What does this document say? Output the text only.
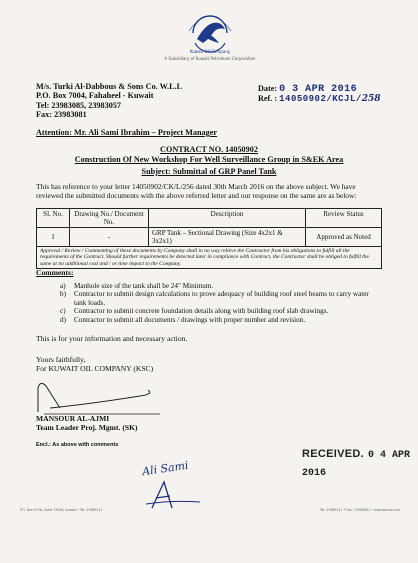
Kuwait Oil Company
A Subsidiary of Kuwait Petroleum Corporation
M/s. Turki Al-Dabbous & Sons Co. W.L.L
P.O. Box 7004, Fahaheel - Kuwait
Tel: 23983085, 23983057
Fax: 23983081
Date: 0 3 APR 2016
Ref. : 14050902/KCJL/258
Attention: Mr. Ali Sami Ibrahim – Project Manager
CONTRACT NO. 14050902
Construction Of New Workshop For Well Surveillance Group in S&EK Area
Subject: Submittal of GRP Panel Tank
This has reference to your letter 14050902/CK/L/256 dated 30th March 2016 on the above subject. We have reviewed the submitted documents with the above referred letter and our response on the same are as below:
Sl. No.	Drawing No./ Document No.	Description	Review Status
1	-	GRP Tank – Sectional Drawing (Size 4x2x1 & 3x2x1)	Approved as Noted
Approval / Review / Commenting of these documents by Company shall in no way relieve the Contractor from his obligations to fulfill all the requirements of the Contract. Should further requirements be detected later in compliance with Contract, the Contractor shall be obliged to fulfill the same at no additional cost and / or time impact to the Company.			
Comments:
a)	Manhole size of the tank shall be 24" Minimum.
b)	Contractor to submit design calculations to prove adequacy of building roof steel beams to carry water tank loads.
c)	Contractor to submit concrete foundation details along with building roof slab drawings.
d)	Contractor to submit all documents / drawings with proper number and revision.
This is for your information and necessary action.
Yours faithfully,
For KUWAIT OIL COMPANY (KSC)
MANSOUR AL-AJMI
Team Leader Proj. Mgmt. (SK)
Encl.: As above with comments
RECEIVED. 0 4 APR 2016
Ali Sami
P.O. Box 9758, Safat 13008, Kuwait • Tel: 23989111	Tel: 23989111 • Fax: 23983661 • www.kockw.com
